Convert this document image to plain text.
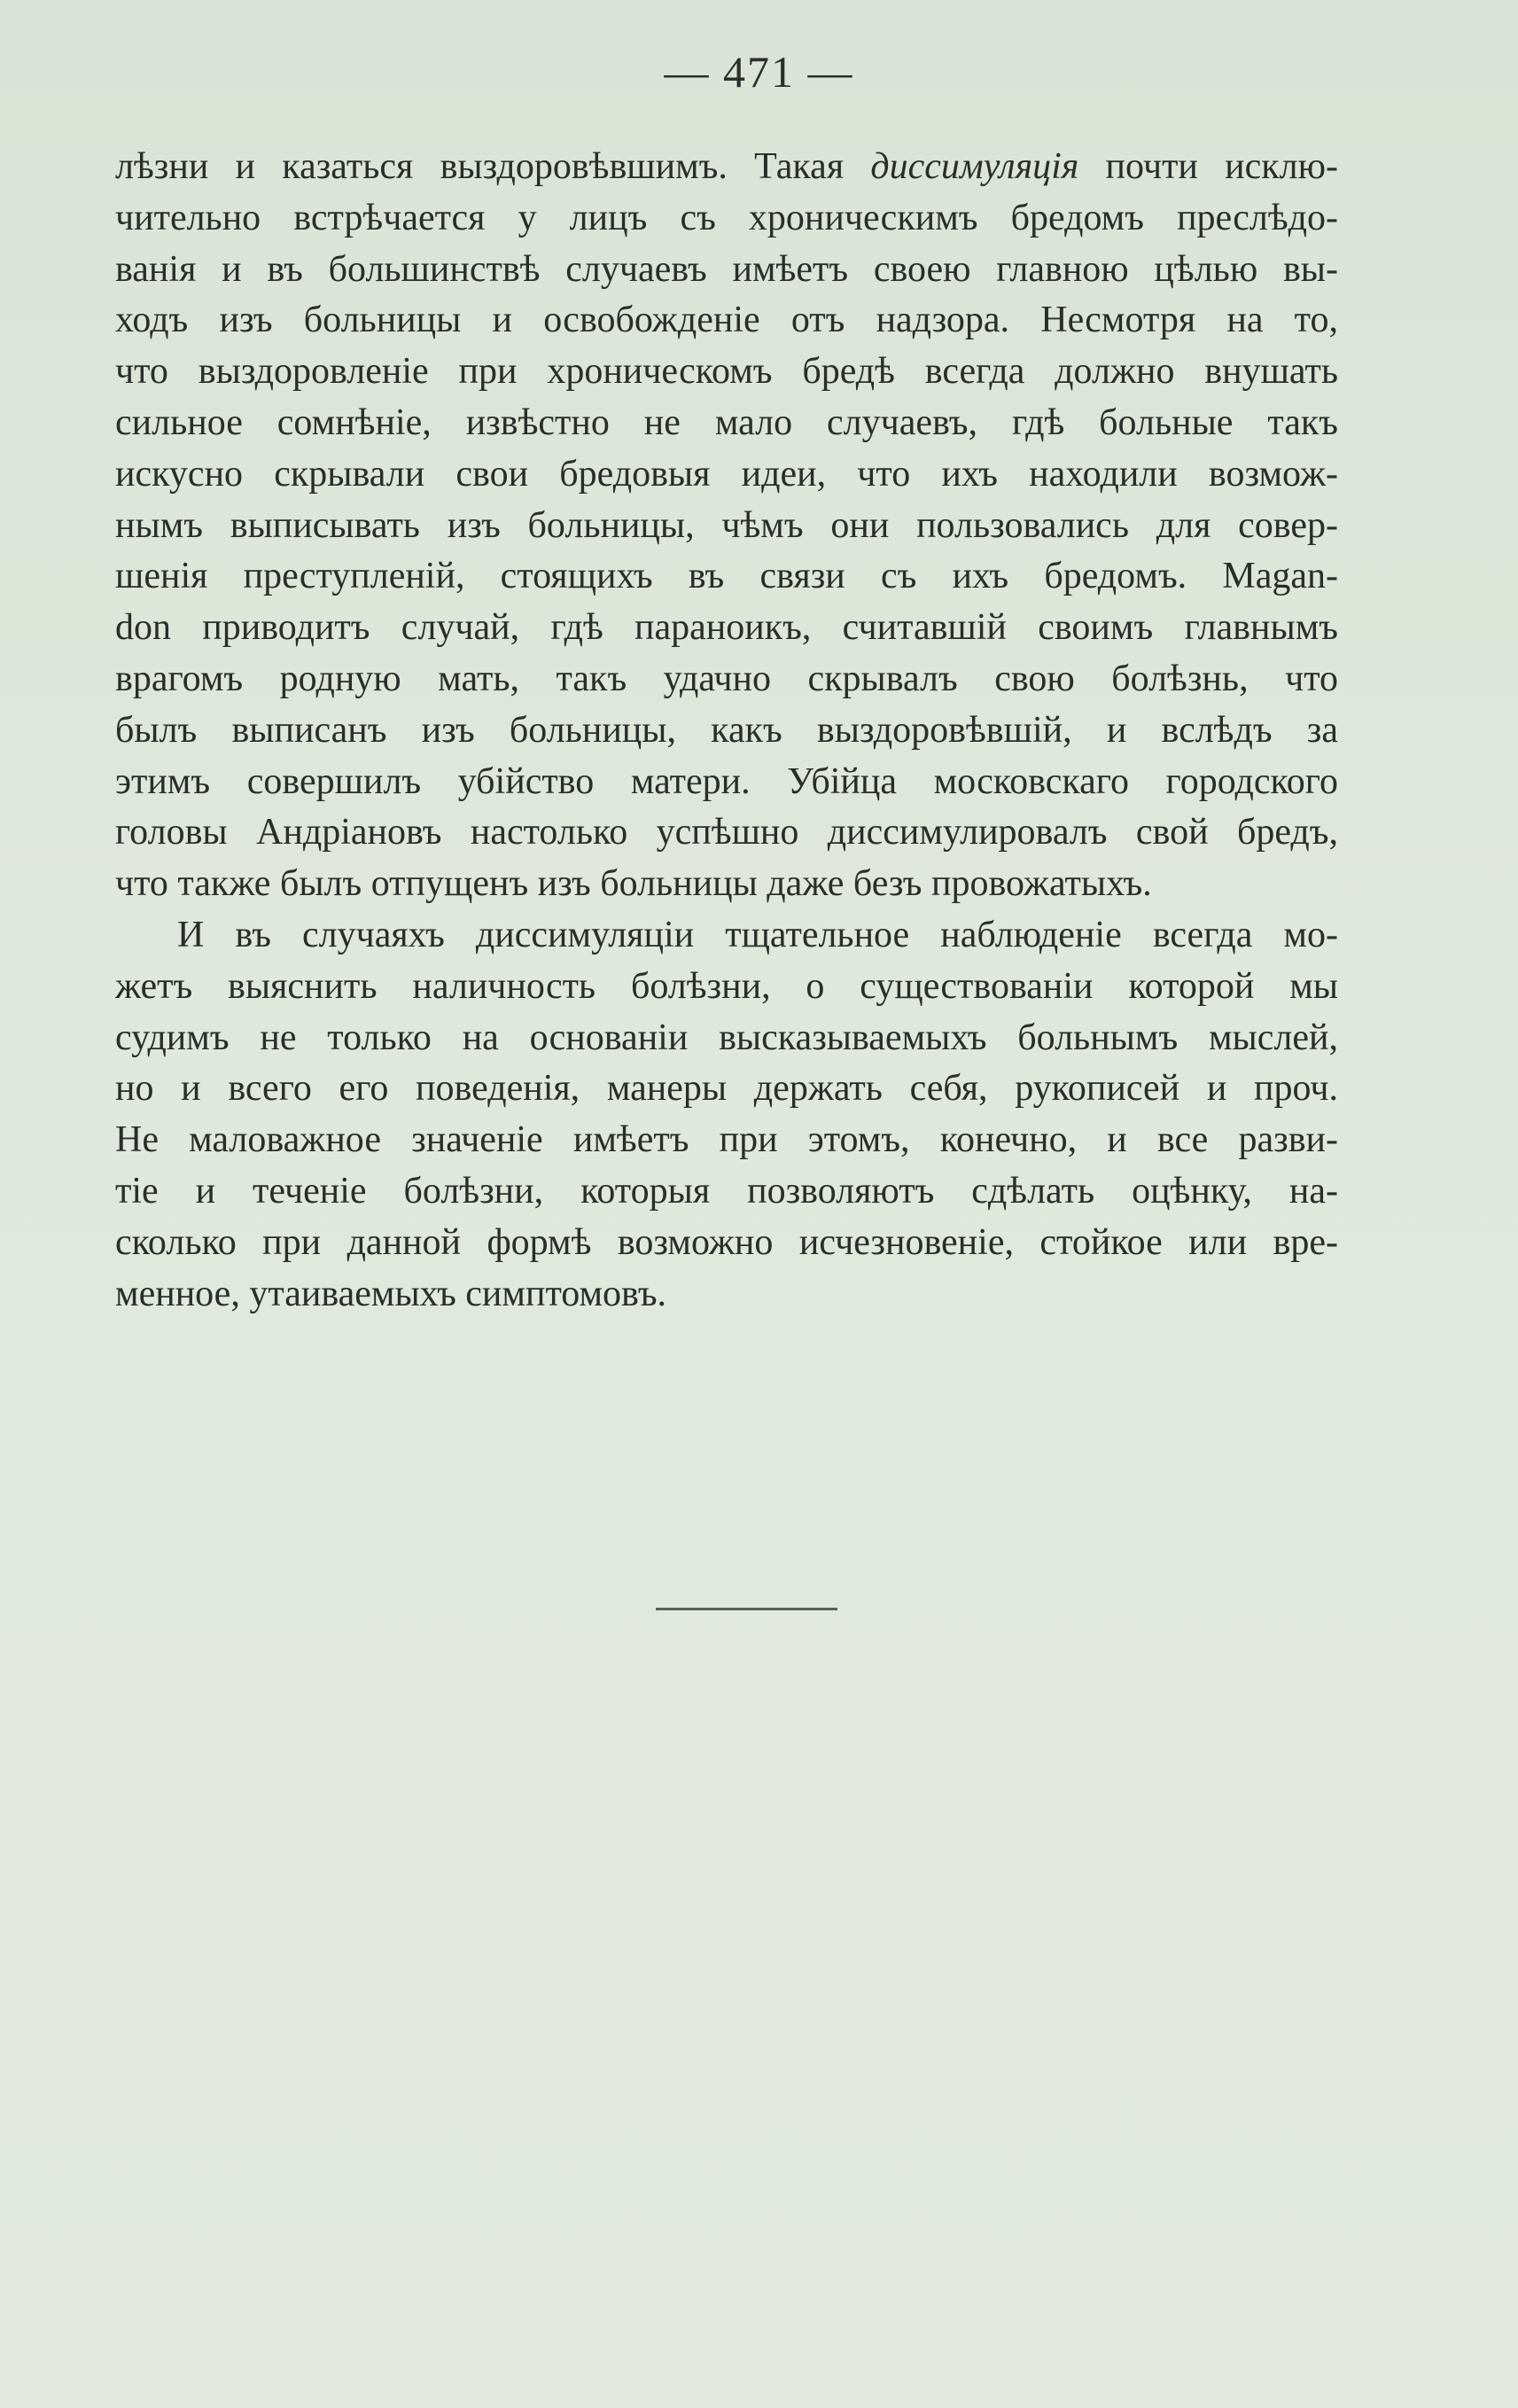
— 471 —
лѣзни и казаться выздоровѣвшимъ. Такая диссимуляція почти исклю-
чительно встрѣчается у лицъ съ хроническимъ бредомъ преслѣдо-
ванія и въ большинствѣ случаевъ имѣетъ своею главною цѣлью вы-
ходъ изъ больницы и освобожденіе отъ надзора. Несмотря на то,
что выздоровленіе при хроническомъ бредѣ всегда должно внушать
сильное сомнѣніе, извѣстно не мало случаевъ, гдѣ больные такъ
искусно скрывали свои бредовыя идеи, что ихъ находили возмож-
нымъ выписывать изъ больницы, чѣмъ они пользовались для совер-
шенія преступленій, стоящихъ въ связи съ ихъ бредомъ. Magan-
don приводитъ случай, гдѣ параноикъ, считавшій своимъ главнымъ
врагомъ родную мать, такъ удачно скрывалъ свою болѣзнь, что
былъ выписанъ изъ больницы, какъ выздоровѣвшій, и вслѣдъ за
этимъ совершилъ убійство матери. Убійца московскаго городского
головы Андріановъ настолько успѣшно диссимулировалъ свой бредъ,
что также былъ отпущенъ изъ больницы даже безъ провожатыхъ.
И въ случаяхъ диссимуляціи тщательное наблюденіе всегда мо-
жетъ выяснить наличность болѣзни, о существованіи которой мы
судимъ не только на основаніи высказываемыхъ больнымъ мыслей,
но и всего его поведенія, манеры держать себя, рукописей и проч.
Не маловажное значеніе имѣетъ при этомъ, конечно, и все разви-
тіе и теченіе болѣзни, которыя позволяютъ сдѣлать оцѣнку, на-
сколько при данной формѣ возможно исчезновеніе, стойкое или вре-
менное, утаиваемыхъ симптомовъ.
